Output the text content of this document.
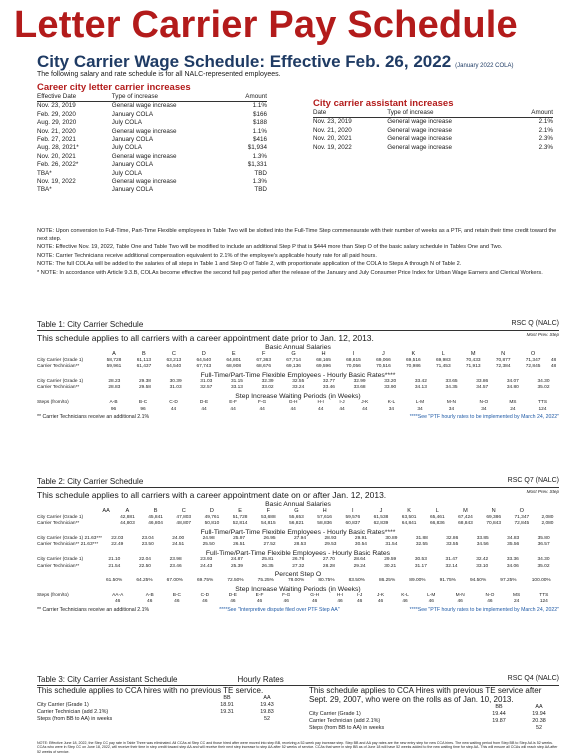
Letter Carrier Pay Schedule
City Carrier Wage Schedule: Effective Feb. 26, 2022 (January 2022 COLA)
The following salary and rate schedule is for all NALC-represented employees.
Career city letter carrier increases
Effective Date	Type of increase	Amount
Nov. 23, 2019	General wage increase	1.1%
Feb. 29, 2020	January COLA	$166
Aug. 29, 2020	July COLA	$188
Nov. 21, 2020	General wage increase	1.1%
Feb. 27, 2021	January COLA	$416
Aug. 28, 2021*	July COLA	$1,934
Nov. 20, 2021	General wage increase	1.3%
Feb. 26, 2022*	January COLA	$1,331
TBA*	July COLA	TBD
Nov. 19, 2022	General wage increase	1.3%
TBA*	January COLA	TBD
City carrier assistant increases
Date	Type of increase	Amount
Nov. 23, 2019	General wage increase	2.1%
Nov. 21, 2020	General wage increase	2.1%
Nov. 20, 2021	General wage increase	2.3%
Nov. 19, 2022	General wage increase	2.3%

NOTE: Upon conversion to Full-Time, Part-Time Flexible employees in Table Two will be slotted into the Full-Time Step commensurate with their number of weeks as a PTF, and retain their time credit toward the next step.

NOTE: Effective Nov. 19, 2022, Table One and Table Two will be modified to include an additional Step P that is $444 more than Step O of the basic salary schedule in Tables One and Two.

NOTE: Carrier Technicians receive additional compensation equivalent to 2.1% of the employee's applicable hourly rate for all paid hours.

NOTE: The full COLAs will be added to the salaries of all steps in Table 1 and Step O of Table 2, with proportionate application of the COLA to Steps A through N of Table 2.

* NOTE: In accordance with Article 9.3.B, COLAs become effective the second full pay period after the release of the January and July Consumer Price Index for Urban Wage Earners and Clerical Workers.

Table 1: City Carrier Schedule	RSC Q (NALC)
This schedule applies to all carriers with a career appointment date prior to Jan. 12, 2013.	Most Prev. Step
Basic Annual Salaries
	A	B	C	D	E	F	G	H	I	J	K	L	M	N	O	
City Carrier (Grade 1)	58,728	61,113	63,213	64,540	64,801	67,363	67,714	68,165	68,615	69,066	69,516	69,983	70,433	70,877	71,347	48
Carrier Technician**	59,961	61,437	64,540	67,743	68,908	68,676	69,136	69,596	70,056	70,516	70,986	71,453	71,913	72,384	72,845	48
Full-Time/Part-Time Flexible Employees - Hourly Basic Rates****
City Carrier (Grade 1)	28.23	29.38	30.39	31.03	31.15	32.39	32.55	32.77	32.99	33.20	33.42	33.65	33.86	34.07	34.30	
Carrier Technician**	28.83	29.58	31.03	32.57	33.13	33.02	33.24	33.46	33.68	33.90	34.13	34.35	34.57	34.80	35.02	
Step Increase Waiting Periods (in Weeks)
Steps (from/to)	A-B	B-C	C-D	D-E	E-F	F-G	G-H	H-I	I-J	J-K	K-L	L-M	M-N	N-O	MS	TTS
	96	96	44	44	44	44	44	44	44	44	34	34	34	34	24	124
** Carrier Technicians receive an additional 2.1%	****See "PTF hourly rates to be implemented by March 24, 2022"
Table 2: City Carrier Schedule	RSC Q7 (NALC)
This schedule applies to all carriers with a career appointment date on or after Jan. 12, 2013.	Most Prev. Step
Basic Annual Salaries
	AA	A	B	C	D	E	F	G	H	I	J	K	L	M	N	O	
City Carrier (Grade 1)		42,881	45,841	47,803	49,761	51,728	53,688	55,653	57,616	59,576	61,538	63,501	65,461	67,424	69,386	71,347	2,080
Carrier Technician**		44,803	46,804	48,807	50,810	52,814	54,815	56,821	58,836	60,837	62,839	64,841	66,836	68,843	70,843	72,845	2,080
Full-Time/Part-Time Flexible Employees - Hourly Basic Rates****
City Carrier (Grade 1) 21.63***		22.03	23.04	24.00	24.98	25.97	26.95	27.94	28.93	29.91	30.89	31.88	32.86	33.85	34.83	35.80	
Carrier Technician** 21.63***		22.49	23.50	24.51	25.50	26.51	27.52	28.53	29.53	30.54	31.54	32.55	33.55	34.56	35.56	36.57	
Full-Time/Part-Time Flexible Employees - Hourly Basic Rates
City Carrier (Grade 1)		21.10	22.04	23.98	23.93	24.87	25.81	26.76	27.70	28.64	29.59	30.53	31.47	32.42	33.36	34.30	
Carrier Technician**		21.54	22.50	23.46	24.43	25.39	26.35	27.32	28.28	29.24	30.21	31.17	32.14	33.10	34.06	35.02	
Percent Step O
		61.50%	64.25%	67.00%	69.75%	72.50%	75.25%	78.00%	80.75%	83.50%	86.25%	89.00%	91.75%	94.50%	97.25%	100.00%	
Step Increase Waiting Periods (in Weeks)
Steps (from/to)	AA-A	A-B	B-C	C-D	D-E	E-F	F-G	G-H	H-I	I-J	J-K	K-L	L-M	M-N	N-O	MS	TTS
	46	46	46	46	46	46	46	46	46	46	46	46	46	46	46	24	124
** Carrier Technicians receive an additional 2.1%	****See "Interpretive dispute filed over PTF Step AA"	****See "PTF hourly rates to be implemented by March 24, 2022"
Table 3: City Carrier Assistant Schedule	Hourly Rates	RSC Q4 (NALC)
This schedule applies to CCA hires with no previous TE service.
	BB	AA
City Carrier (Grade 1)	18.91	19.43
Carrier Technician (add 2.1%)	19.31	19.83
Steps (from BB to AA) in weeks		52
This schedule applies to CCA Hires with previous TE service after Sept. 29, 2007, who were on the rolls as of Jan. 10, 2013.
	BB	AA
City Carrier (Grade 1)	19.44	19.94
Carrier Technician (add 2.1%)	19.87	20.38
Steps (from BB to AA) in weeks		52
NOTE: Effective June 18, 2022, the Step CC pay rate in Table Three was eliminated. All CCAs at Step CC and those hired after were moved into step BB, receiving a 52-week pay increase step. Step BB and AA pay rates are the new entry step for new CCA hires. The new waiting period from Step BB to Step AA is 52 weeks. CCAs who were in Step CC on June 18, 2022, will receive their time in step credit toward step AA and will receive their next step increase to step AA after 52 weeks of service. CCAs that were in step BB as of June 18 will have 52 weeks added to the new waiting time for step AA. This will ensure all CCAs will reach step AA after 52 weeks of service.
